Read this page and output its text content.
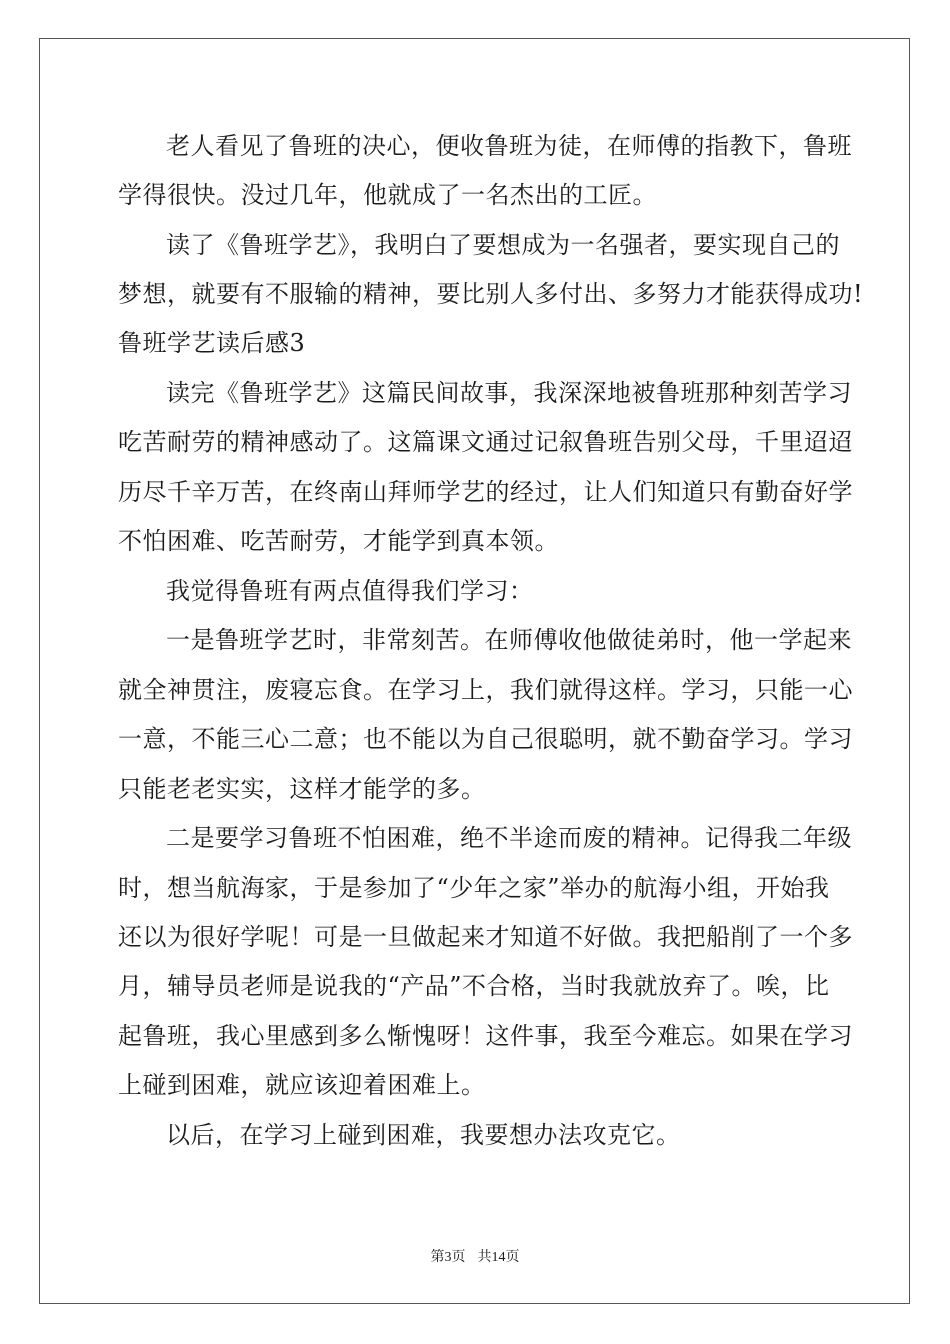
老人看见了鲁班的决心，便收鲁班为徒，在师傅的指教下，鲁班
学得很快。没过几年，他就成了一名杰出的工匠。
读了《鲁班学艺》，我明白了要想成为一名强者，要实现自己的
梦想，就要有不服输的精神，要比别人多付出、多努力才能获得成功!
鲁班学艺读后感3
读完《鲁班学艺》这篇民间故事，我深深地被鲁班那种刻苦学习
吃苦耐劳的精神感动了。这篇课文通过记叙鲁班告别父母，千里迢迢
历尽千辛万苦，在终南山拜师学艺的经过，让人们知道只有勤奋好学
不怕困难、吃苦耐劳，才能学到真本领。
我觉得鲁班有两点值得我们学习：
一是鲁班学艺时，非常刻苦。在师傅收他做徒弟时，他一学起来
就全神贯注，废寝忘食。在学习上，我们就得这样。学习，只能一心
一意，不能三心二意；也不能以为自己很聪明，就不勤奋学习。学习
只能老老实实，这样才能学的多。
二是要学习鲁班不怕困难，绝不半途而废的精神。记得我二年级
时，想当航海家，于是参加了“少年之家”举办的航海小组，开始我
还以为很好学呢！可是一旦做起来才知道不好做。我把船削了一个多
月，辅导员老师是说我的“产品”不合格，当时我就放弃了。唉，比
起鲁班，我心里感到多么惭愧呀！这件事，我至今难忘。如果在学习
上碰到困难，就应该迎着困难上。
以后，在学习上碰到困难，我要想办法攻克它。
第3页 共14页
